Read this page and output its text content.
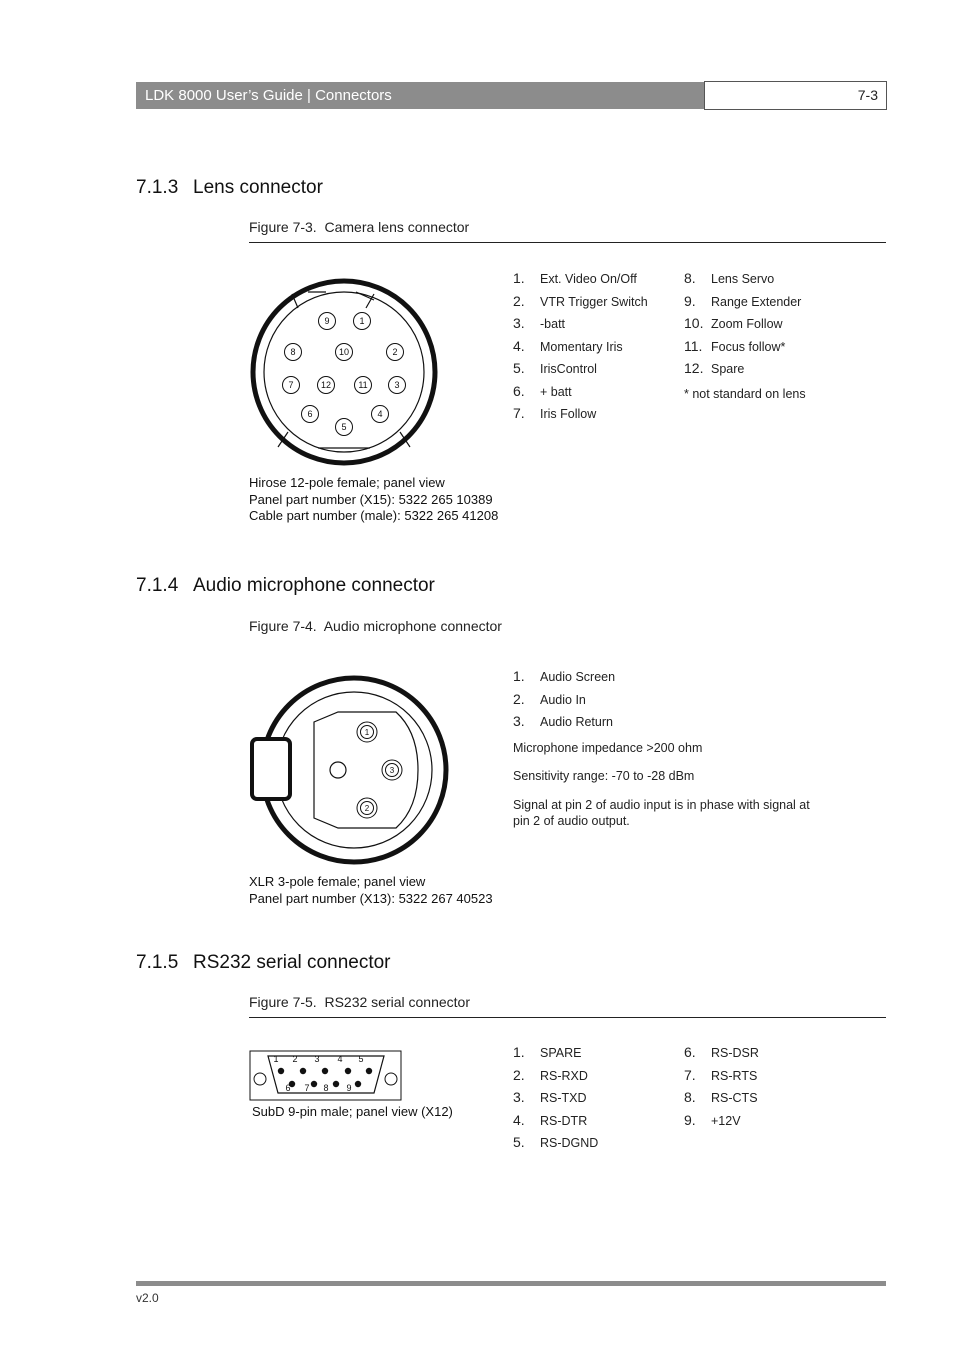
LDK 8000 User’s Guide | Connectors	7-3
7.1.3 Lens connector
Figure 7-3. Camera lens connector
1
2
3
4
5
6
7
8
9
10
11
12
Hirose 12-pole female; panel view
Panel part number (X15): 5322 265 10389
Cable part number (male): 5322 265 41208
1. Ext. Video On/Off
2. VTR Trigger Switch
3. -batt
4. Momentary Iris
5. IrisControl
6. + batt
7. Iris Follow
8. Lens Servo
9. Range Extender
10. Zoom Follow
11. Focus follow*
12. Spare
* not standard on lens
7.1.4 Audio microphone connector
Figure 7-4. Audio microphone connector
1
2
3
XLR 3-pole female; panel view
Panel part number (X13): 5322 267 40523
1. Audio Screen
2. Audio In
3. Audio Return
Microphone impedance >200 ohm
Sensitivity range: -70 to -28 dBm
Signal at pin 2 of audio input is in phase with signal at
pin 2 of audio output.
7.1.5 RS232 serial connector
Figure 7-5. RS232 serial connector
1 2 3 4 5
6 7 8 9
SubD 9-pin male; panel view (X12)
1. SPARE
2. RS-RXD
3. RS-TXD
4. RS-DTR
5. RS-DGND
6. RS-DSR
7. RS-RTS
8. RS-CTS
9. +12V
v2.0
